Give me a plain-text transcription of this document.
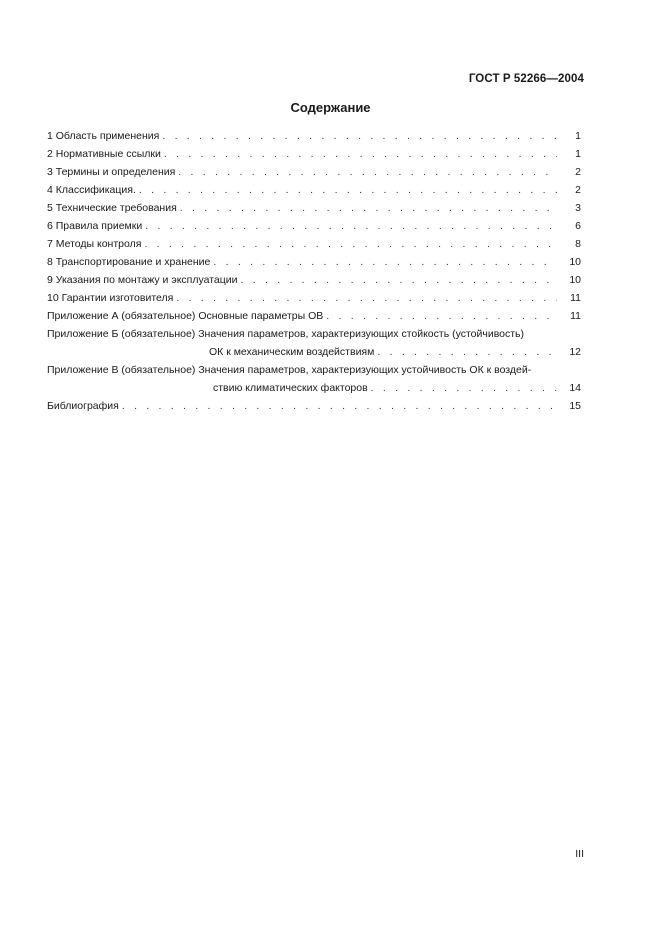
ГОСТ Р 52266—2004
Содержание
1 Область применения . . .	1
2 Нормативные ссылки . . .	1
3 Термины и определения . . .	2
4 Классификация. . . .	2
5 Технические требования . . .	3
6 Правила приемки . . .	6
7 Методы контроля . . .	8
8 Транспортирование и хранение . . .	10
9 Указания по монтажу и эксплуатации . . .	10
10 Гарантии изготовителя . . .	11
Приложение А (обязательное) Основные параметры ОВ . . .	11
Приложение Б (обязательное) Значения параметров, характеризующих стойкость (устойчивость)
ОК к механическим воздействиям . . .	12
Приложение В (обязательное) Значения параметров, характеризующих устойчивость ОК к воздей-
ствию климатических факторов . . .	14
Библиография . . .	15
III
